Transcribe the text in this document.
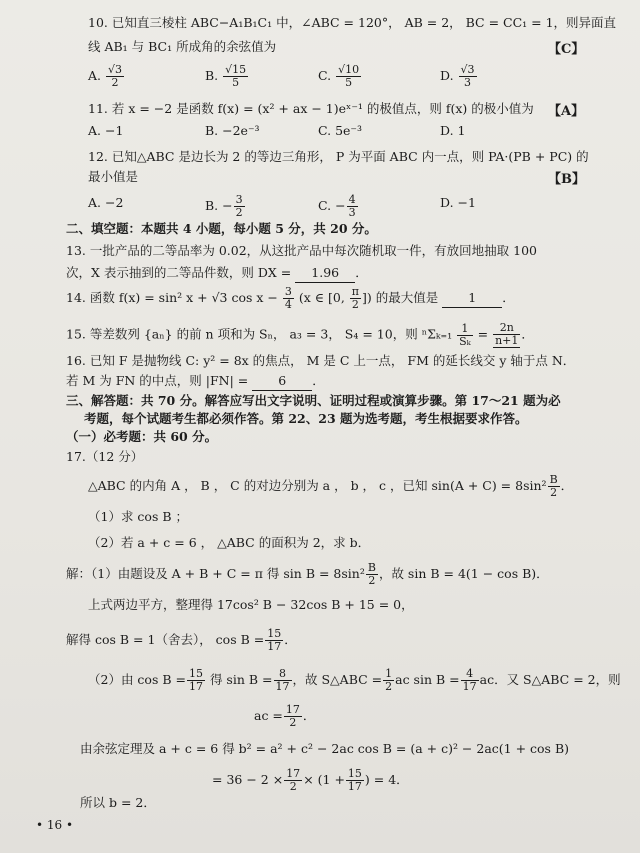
10. 已知直三棱柱 ABC−A₁B₁C₁ 中，∠ABC = 120°， AB = 2， BC = CC₁ = 1，则异面直
线 AB₁ 与 BC₁ 所成角的余弦值为	【C】
A. $\frac{√3}{2}$	B. $\frac{√15}{5}$	C. $\frac{√10}{5}$	D. $\frac{√3}{3}$
11. 若 x = −2 是函数 f(x) = (x² + ax − 1)eˣ⁻¹ 的极值点，则 f(x) 的极小值为 【A】
A. −1	B. −2e⁻³	C. 5e⁻³	D. 1
12. 已知△ABC 是边长为 2 的等边三角形， P 为平面 ABC 内一点，则 PA·(PB + PC) 的
最小值是	【B】
A. −2	B. − $\frac{3}{2}$	C. − $\frac{4}{3}$	D. −1
二、填空题：本题共 4 小题，每小题 5 分，共 20 分。
13. 一批产品的二等品率为 0.02，从这批产品中每次随机取一件，有放回地抽取 100
次，X 表示抽到的二等品件数，则 DX = 1.96 ．
14. 函数 f(x) = sin² x + √3 $\cos x - \frac{3}{4} (x$ ∈ [0, $\frac{\pi}{2}$ ]) 的最大值是 1 ．
15. 等差数列 {aₙ} 的前 n 项和为 Sₙ， a₃ = 3， S₄ = 10，则 $^n\Sigma_{k=1} \frac{1}{\text{Sₖ}} = \frac{2n}{n+1}$ ．
16. 已知 F 是抛物线 C: y² = 8x 的焦点， M 是 C 上一点， FM 的延长线交 y 轴于点 N．
若 M 为 FN 的中点，则 |FN| = 6 ．
三、解答题：共 70 分。解答应写出文字说明、证明过程或演算步骤。第 17～21 题为必
考题，每个试题考生都必须作答。第 22、23 题为选考题，考生根据要求作答。
（一）必考题：共 60 分。
17.（12 分）
△ABC 的内角 A ， B ， C 的对边分别为 a ， b ， c ，已知 $\sin(A + C) = 8\sin^2 \frac{B}{2}$ ．
（1）求 cos B ；
（2）若 a + c = 6 ， △ABC 的面积为 2，求 b．
解：（1）由题设及 A + B + C = π 得 $\sin B = 8\sin^2 \frac{B}{2}$ ，故 sin B = 4(1 − cos B)．
上式两边平方，整理得 17cos² B − 32cos B + 15 = 0，
解得 cos B = 1（舍去）， $\cos B = \frac{15}{17}$ ．
（2）由 $\cos B = \frac{15}{17}$ 得 $\sin B = \frac{8}{17}$ ，故 S△ABC = $\frac{1}{2}$ ac $\sin B = \frac{4}{17}$ ac．又 S△ABC = 2，则
ac = $\frac{17}{2}$ ．
由余弦定理及 a + c = 6 得 b² = a² + c² − 2ac cos B = (a + c)² − 2ac(1 + cos B)
= $36 - 2 \times \frac{17}{2} \times (1 + \frac{15}{17}$ ) = 4．
所以 b = 2．
• 16 •
